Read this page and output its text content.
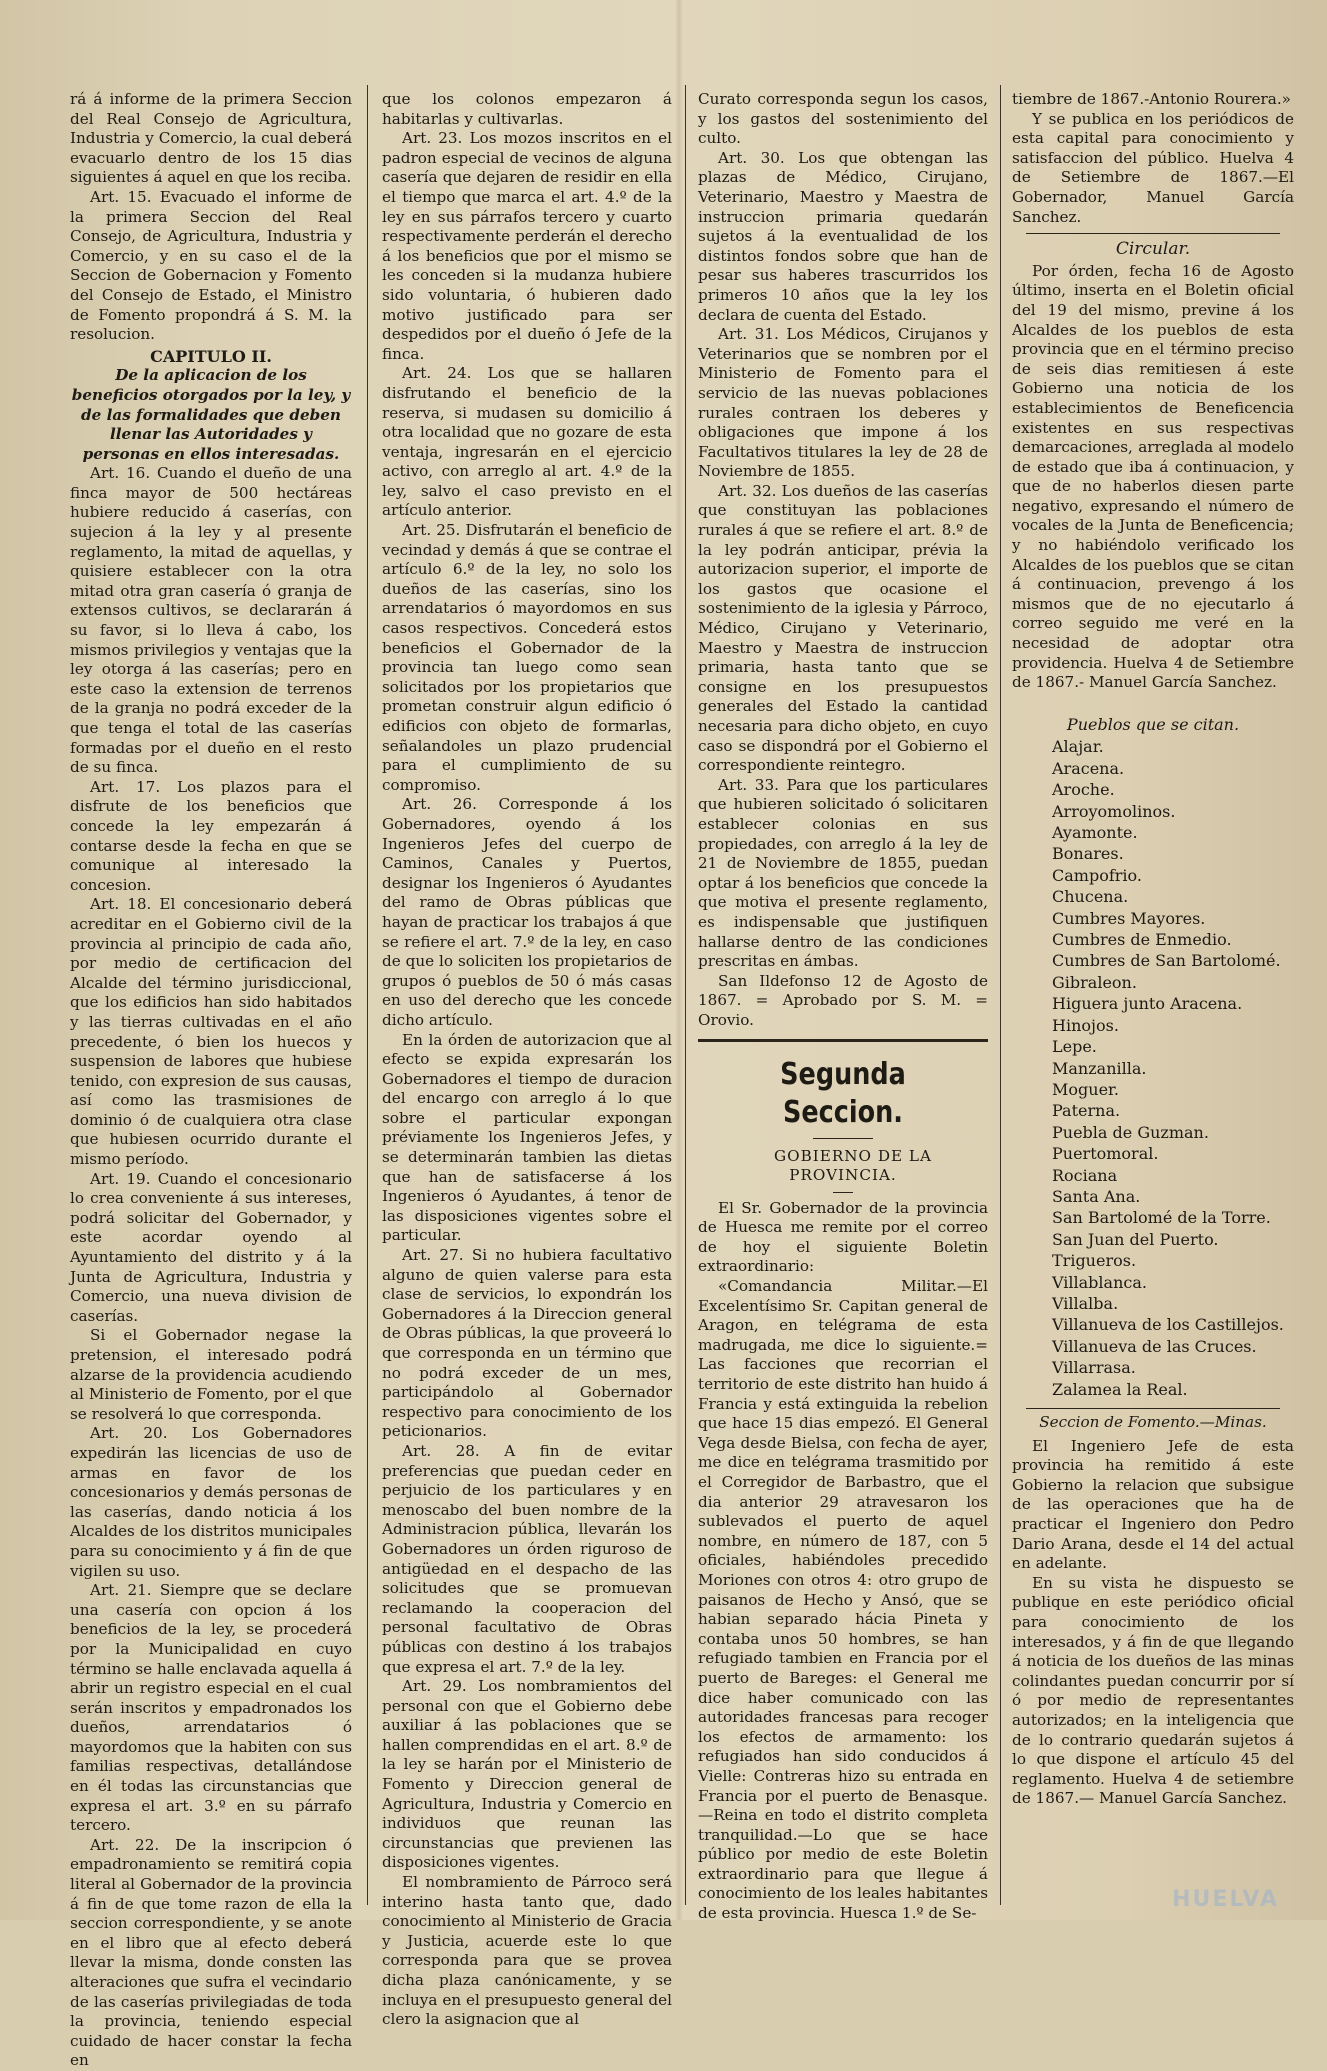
rá á informe de la primera Seccion del Real Consejo de Agricultura, Industria y Comercio, la cual deberá evacuarlo dentro de los 15 dias siguientes á aquel en que los reciba.

Art. 15. Evacuado el informe de la primera Seccion del Real Consejo, de Agricultura, Industria y Comercio, y en su caso el de la Seccion de Gobernacion y Fomento del Consejo de Estado, el Ministro de Fomento propondrá á S. M. la resolucion.

CAPITULO II.

De la aplicacion de los beneficios otorgados por la ley, y de las formalidades que deben llenar las Autoridades y personas en ellos interesadas.

Art. 16. Cuando el dueño de una finca mayor de 500 hectáreas hubiere reducido á caserías, con sujecion á la ley y al presente reglamento, la mitad de aquellas, y quisiere establecer con la otra mitad otra gran casería ó granja de extensos cultivos, se declararán á su favor, si lo lleva á cabo, los mismos privilegios y ventajas que la ley otorga á las caserías; pero en este caso la extension de terrenos de la granja no podrá exceder de la que tenga el total de las caserías formadas por el dueño en el resto de su finca.

Art. 17. Los plazos para el disfrute de los beneficios que concede la ley empezarán á contarse desde la fecha en que se comunique al interesado la concesion.

Art. 18. El concesionario deberá acreditar en el Gobierno civil de la provincia al principio de cada año, por medio de certificacion del Alcalde del término jurisdiccional, que los edificios han sido habitados y las tierras cultivadas en el año precedente, ó bien los huecos y suspension de labores que hubiese tenido, con expresion de sus causas, así como las trasmisiones de dominio ó de cualquiera otra clase que hubiesen ocurrido durante el mismo período.

Art. 19. Cuando el concesionario lo crea conveniente á sus intereses, podrá solicitar del Gobernador, y este acordar oyendo al Ayuntamiento del distrito y á la Junta de Agricultura, Industria y Comercio, una nueva division de caserías.

Si el Gobernador negase la pretension, el interesado podrá alzarse de la providencia acudiendo al Ministerio de Fomento, por el que se resolverá lo que corresponda.

Art. 20. Los Gobernadores expedirán las licencias de uso de armas en favor de los concesionarios y demás personas de las caserías, dando noticia á los Alcaldes de los distritos municipales para su conocimiento y á fin de que vigilen su uso.

Art. 21. Siempre que se declare una casería con opcion á los beneficios de la ley, se procederá por la Municipalidad en cuyo término se halle enclavada aquella á abrir un registro especial en el cual serán inscritos y empadronados los dueños, arrendatarios ó mayordomos que la habiten con sus familias respectivas, detallándose en él todas las circunstancias que expresa el art. 3.º en su párrafo tercero.

Art. 22. De la inscripcion ó empadronamiento se remitirá copia literal al Gobernador de la provincia á fin de que tome razon de ella la seccion correspondiente, y se anote en el libro que al efecto deberá llevar la misma, donde consten las alteraciones que sufra el vecindario de las caserías privilegiadas de toda la provincia, teniendo especial cuidado de hacer constar la fecha en

que los colonos empezaron á habitarlas y cultivarlas.

Art. 23. Los mozos inscritos en el padron especial de vecinos de alguna casería que dejaren de residir en ella el tiempo que marca el art. 4.º de la ley en sus párrafos tercero y cuarto respectivamente perderán el derecho á los beneficios que por el mismo se les conceden si la mudanza hubiere sido voluntaria, ó hubieren dado motivo justificado para ser despedidos por el dueño ó Jefe de la finca.

Art. 24. Los que se hallaren disfrutando el beneficio de la reserva, si mudasen su domicilio á otra localidad que no gozare de esta ventaja, ingresarán en el ejercicio activo, con arreglo al art. 4.º de la ley, salvo el caso previsto en el artículo anterior.

Art. 25. Disfrutarán el beneficio de vecindad y demás á que se contrae el artículo 6.º de la ley, no solo los dueños de las caserías, sino los arrendatarios ó mayordomos en sus casos respectivos. Concederá estos beneficios el Gobernador de la provincia tan luego como sean solicitados por los propietarios que prometan construir algun edificio ó edificios con objeto de formarlas, señalandoles un plazo prudencial para el cumplimiento de su compromiso.

Art. 26. Corresponde á los Gobernadores, oyendo á los Ingenieros Jefes del cuerpo de Caminos, Canales y Puertos, designar los Ingenieros ó Ayudantes del ramo de Obras públicas que hayan de practicar los trabajos á que se refiere el art. 7.º de la ley, en caso de que lo soliciten los propietarios de grupos ó pueblos de 50 ó más casas en uso del derecho que les concede dicho artículo.

En la órden de autorizacion que al efecto se expida expresarán los Gobernadores el tiempo de duracion del encargo con arreglo á lo que sobre el particular expongan préviamente los Ingenieros Jefes, y se determinarán tambien las dietas que han de satisfacerse á los Ingenieros ó Ayudantes, á tenor de las disposiciones vigentes sobre el particular.

Art. 27. Si no hubiera facultativo alguno de quien valerse para esta clase de servicios, lo expondrán los Gobernadores á la Direccion general de Obras públicas, la que proveerá lo que corresponda en un término que no podrá exceder de un mes, participándolo al Gobernador respectivo para conocimiento de los peticionarios.

Art. 28. A fin de evitar preferencias que puedan ceder en perjuicio de los particulares y en menoscabo del buen nombre de la Administracion pública, llevarán los Gobernadores un órden riguroso de antigüedad en el despacho de las solicitudes que se promuevan reclamando la cooperacion del personal facultativo de Obras públicas con destino á los trabajos que expresa el art. 7.º de la ley.

Art. 29. Los nombramientos del personal con que el Gobierno debe auxiliar á las poblaciones que se hallen comprendidas en el art. 8.º de la ley se harán por el Ministerio de Fomento y Direccion general de Agricultura, Industria y Comercio en individuos que reunan las circunstancias que previenen las disposiciones vigentes.

El nombramiento de Párroco será interino hasta tanto que, dado conocimiento al Ministerio de Gracia y Justicia, acuerde este lo que corresponda para que se provea dicha plaza canónicamente, y se incluya en el presupuesto general del clero la asignacion que al

Curato corresponda segun los casos, y los gastos del sostenimiento del culto.

Art. 30. Los que obtengan las plazas de Médico, Cirujano, Veterinario, Maestro y Maestra de instruccion primaria quedarán sujetos á la eventualidad de los distintos fondos sobre que han de pesar sus haberes trascurridos los primeros 10 años que la ley los declara de cuenta del Estado.

Art. 31. Los Médicos, Cirujanos y Veterinarios que se nombren por el Ministerio de Fomento para el servicio de las nuevas poblaciones rurales contraen los deberes y obligaciones que impone á los Facultativos titulares la ley de 28 de Noviembre de 1855.

Art. 32. Los dueños de las caserías que constituyan las poblaciones rurales á que se refiere el art. 8.º de la ley podrán anticipar, prévia la autorizacion superior, el importe de los gastos que ocasione el sostenimiento de la iglesia y Párroco, Médico, Cirujano y Veterinario, Maestro y Maestra de instruccion primaria, hasta tanto que se consigne en los presupuestos generales del Estado la cantidad necesaria para dicho objeto, en cuyo caso se dispondrá por el Gobierno el correspondiente reintegro.

Art. 33. Para que los particulares que hubieren solicitado ó solicitaren establecer colonias en sus propiedades, con arreglo á la ley de 21 de Noviembre de 1855, puedan optar á los beneficios que concede la que motiva el presente reglamento, es indispensable que justifiquen hallarse dentro de las condiciones prescritas en ámbas.

San Ildefonso 12 de Agosto de 1867. = Aprobado por S. M. = Orovio.

Segunda Seccion.

GOBIERNO DE LA PROVINCIA.

El Sr. Gobernador de la provincia de Huesca me remite por el correo de hoy el siguiente Boletin extraordinario:

«Comandancia Militar.—El Excelentísimo Sr. Capitan general de Aragon, en telégrama de esta madrugada, me dice lo siguiente.= Las facciones que recorrian el territorio de este distrito han huido á Francia y está extinguida la rebelion que hace 15 dias empezó. El General Vega desde Bielsa, con fecha de ayer, me dice en telégrama trasmitido por el Corregidor de Barbastro, que el dia anterior 29 atravesaron los sublevados el puerto de aquel nombre, en número de 187, con 5 oficiales, habiéndoles precedido Moriones con otros 4: otro grupo de paisanos de Hecho y Ansó, que se habian separado hácia Pineta y contaba unos 50 hombres, se han refugiado tambien en Francia por el puerto de Bareges: el General me dice haber comunicado con las autoridades francesas para recoger los efectos de armamento: los refugiados han sido conducidos á Vielle: Contreras hizo su entrada en Francia por el puerto de Benasque. —Reina en todo el distrito completa tranquilidad.—Lo que se hace público por medio de este Boletin extraordinario para que llegue á conocimiento de los leales habitantes de esta provincia. Huesca 1.º de Se-

tiembre de 1867.-Antonio Rourera.»

Y se publica en los periódicos de esta capital para conocimiento y satisfaccion del público. Huelva 4 de Setiembre de 1867.—El Gobernador, Manuel García Sanchez.

Circular.

Por órden, fecha 16 de Agosto último, inserta en el Boletin oficial del 19 del mismo, previne á los Alcaldes de los pueblos de esta provincia que en el término preciso de seis dias remitiesen á este Gobierno una noticia de los establecimientos de Beneficencia existentes en sus respectivas demarcaciones, arreglada al modelo de estado que iba á continuacion, y que de no haberlos diesen parte negativo, expresando el número de vocales de la Junta de Beneficencia; y no habiéndolo verificado los Alcaldes de los pueblos que se citan á continuacion, prevengo á los mismos que de no ejecutarlo á correo seguido me veré en la necesidad de adoptar otra providencia. Huelva 4 de Setiembre de 1867.- Manuel García Sanchez.

Pueblos que se citan.

Alajar.
Aracena.
Aroche.
Arroyomolinos.
Ayamonte.
Bonares.
Campofrio.
Chucena.
Cumbres Mayores.
Cumbres de Enmedio.
Cumbres de San Bartolomé.
Gibraleon.
Higuera junto Aracena.
Hinojos.
Lepe.
Manzanilla.
Moguer.
Paterna.
Puebla de Guzman.
Puertomoral.
Rociana
Santa Ana.
San Bartolomé de la Torre.
San Juan del Puerto.
Trigueros.
Villablanca.
Villalba.
Villanueva de los Castillejos.
Villanueva de las Cruces.
Villarrasa.
Zalamea la Real.

Seccion de Fomento.—Minas.

El Ingeniero Jefe de esta provincia ha remitido á este Gobierno la relacion que subsigue de las operaciones que ha de practicar el Ingeniero don Pedro Dario Arana, desde el 14 del actual en adelante.

En su vista he dispuesto se publique en este periódico oficial para conocimiento de los interesados, y á fin de que llegando á noticia de los dueños de las minas colindantes puedan concurrir por sí ó por medio de representantes autorizados; en la inteligencia que de lo contrario quedarán sujetos á lo que dispone el artículo 45 del reglamento. Huelva 4 de setiembre de 1867.— Manuel García Sanchez.

HUELVA
